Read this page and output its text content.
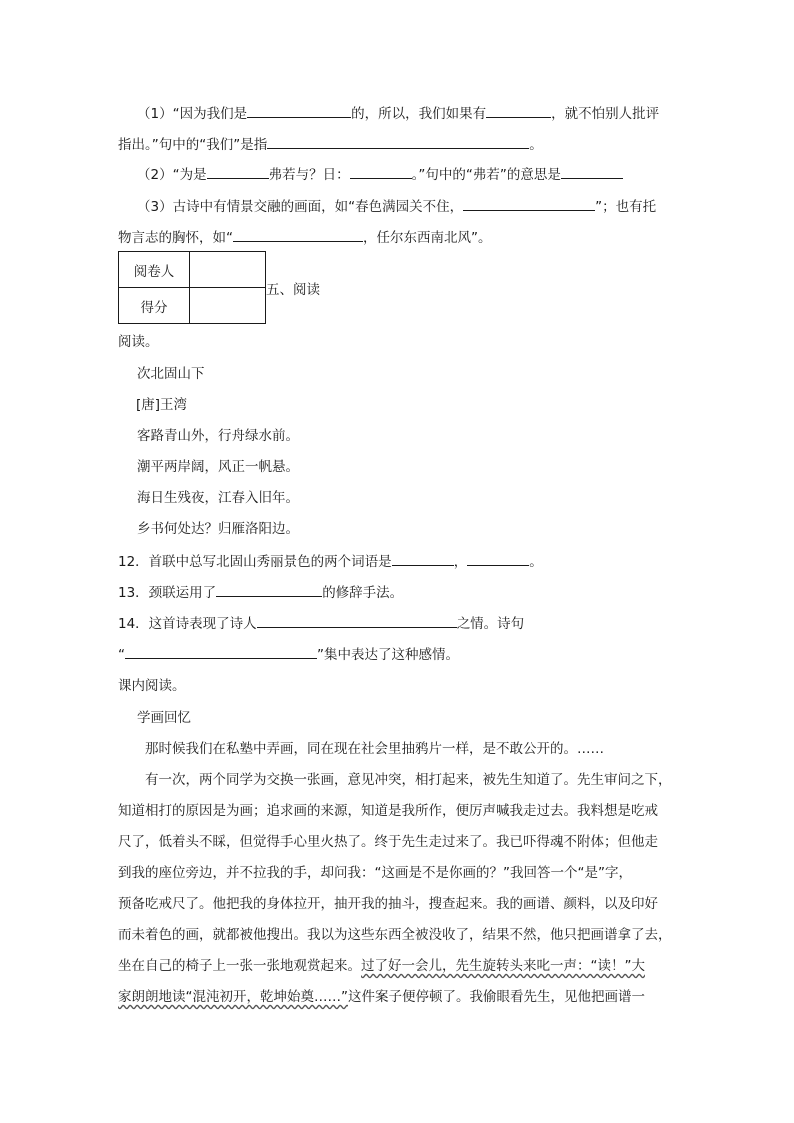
（1）“因为我们是	的，所以，我们如果有	，就不怕别人批评
指出。”句中的“我们”是指	。
（2）“为是	弗若与？日：	。”句中的“弗若”的意思是
（3）古诗中有情景交融的画面，如“春色满园关不住，	”；也有托
物言志的胸怀，如“	，任尔东西南北风”。
阅卷人	
得分	
五、阅读
阅读。
次北固山下
[唐]王湾
客路青山外，行舟绿水前。
潮平两岸阔，风正一帆悬。
海日生残夜，江春入旧年。
乡书何处达？归雁洛阳边。
12．首联中总写北固山秀丽景色的两个词语是	，	。
13．颈联运用了	的修辞手法。
14．这首诗表现了诗人	之情。诗句
“	”集中表达了这种感情。
课内阅读。
学画回忆
那时候我们在私塾中弄画，同在现在社会里抽鸦片一样，是不敢公开的。……
有一次，两个同学为交换一张画，意见冲突，相打起来，被先生知道了。先生审问之下，
知道相打的原因是为画；追求画的来源，知道是我所作，便厉声喊我走过去。我料想是吃戒
尺了，低着头不睬，但觉得手心里火热了。终于先生走过来了。我已吓得魂不附体；但他走
到我的座位旁边，并不拉我的手，却问我：“这画是不是你画的？”我回答一个“是”字，
预备吃戒尺了。他把我的身体拉开，抽开我的抽斗，搜查起来。我的画谱、颜料，以及印好
而未着色的画，就都被他搜出。我以为这些东西全被没收了，结果不然，他只把画谱拿了去，
坐在自己的椅子上一张一张地观赏起来。过了好一会儿，先生旋转头来叱一声：“读！”大
家朗朗地读“混沌初开，乾坤始奠……”这件案子便停顿了。我偷眼看先生，见他把画谱一
